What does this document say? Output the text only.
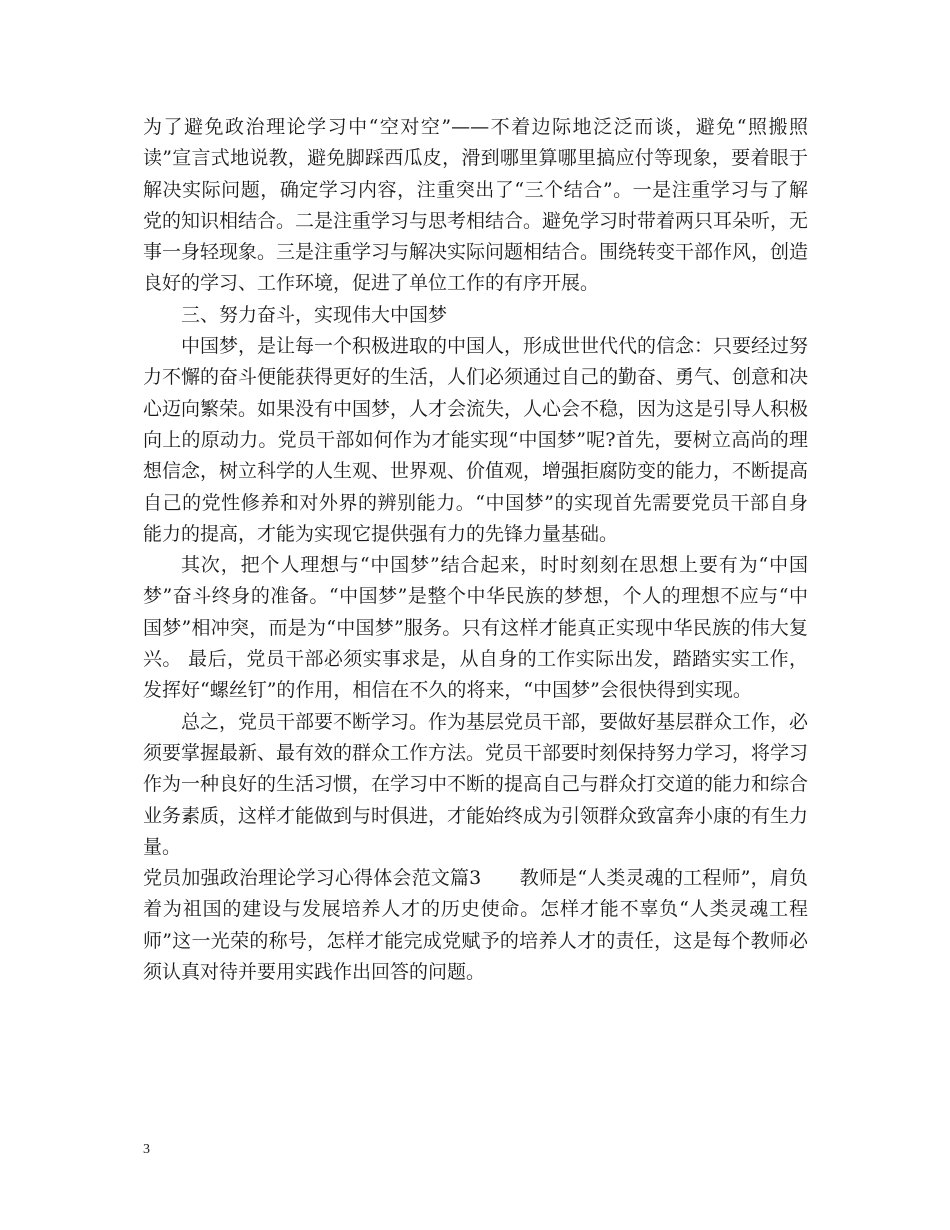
为了避免政治理论学习中“空对空”——不着边际地泛泛而谈，避免“照搬照读”宣言式地说教，避免脚踩西瓜皮，滑到哪里算哪里搞应付等现象，要着眼于解决实际问题，确定学习内容，注重突出了“三个结合”。一是注重学习与了解党的知识相结合。二是注重学习与思考相结合。避免学习时带着两只耳朵听，无事一身轻现象。三是注重学习与解决实际问题相结合。围绕转变干部作风，创造良好的学习、工作环境，促进了单位工作的有序开展。

三、努力奋斗，实现伟大中国梦

中国梦，是让每一个积极进取的中国人，形成世世代代的信念：只要经过努力不懈的奋斗便能获得更好的生活，人们必须通过自己的勤奋、勇气、创意和决心迈向繁荣。如果没有中国梦，人才会流失，人心会不稳，因为这是引导人积极向上的原动力。党员干部如何作为才能实现“中国梦”呢?首先，要树立高尚的理想信念，树立科学的人生观、世界观、价值观，增强拒腐防变的能力，不断提高自己的党性修养和对外界的辨别能力。“中国梦”的实现首先需要党员干部自身能力的提高，才能为实现它提供强有力的先锋力量基础。

其次，把个人理想与“中国梦”结合起来，时时刻刻在思想上要有为“中国梦”奋斗终身的准备。“中国梦”是整个中华民族的梦想，个人的理想不应与“中国梦”相冲突，而是为“中国梦”服务。只有这样才能真正实现中华民族的伟大复兴。 最后，党员干部必须实事求是，从自身的工作实际出发，踏踏实实工作，发挥好“螺丝钉”的作用，相信在不久的将来，“中国梦”会很快得到实现。

总之，党员干部要不断学习。作为基层党员干部，要做好基层群众工作，必须要掌握最新、最有效的群众工作方法。党员干部要时刻保持努力学习，将学习作为一种良好的生活习惯，在学习中不断的提高自己与群众打交道的能力和综合业务素质，这样才能做到与时俱进，才能始终成为引领群众致富奔小康的有生力量。

党员加强政治理论学习心得体会范文篇3　　 教师是“人类灵魂的工程师”，肩负着为祖国的建设与发展培养人才的历史使命。怎样才能不辜负“人类灵魂工程师”这一光荣的称号，怎样才能完成党赋予的培养人才的责任，这是每个教师必须认真对待并要用实践作出回答的问题。

3
